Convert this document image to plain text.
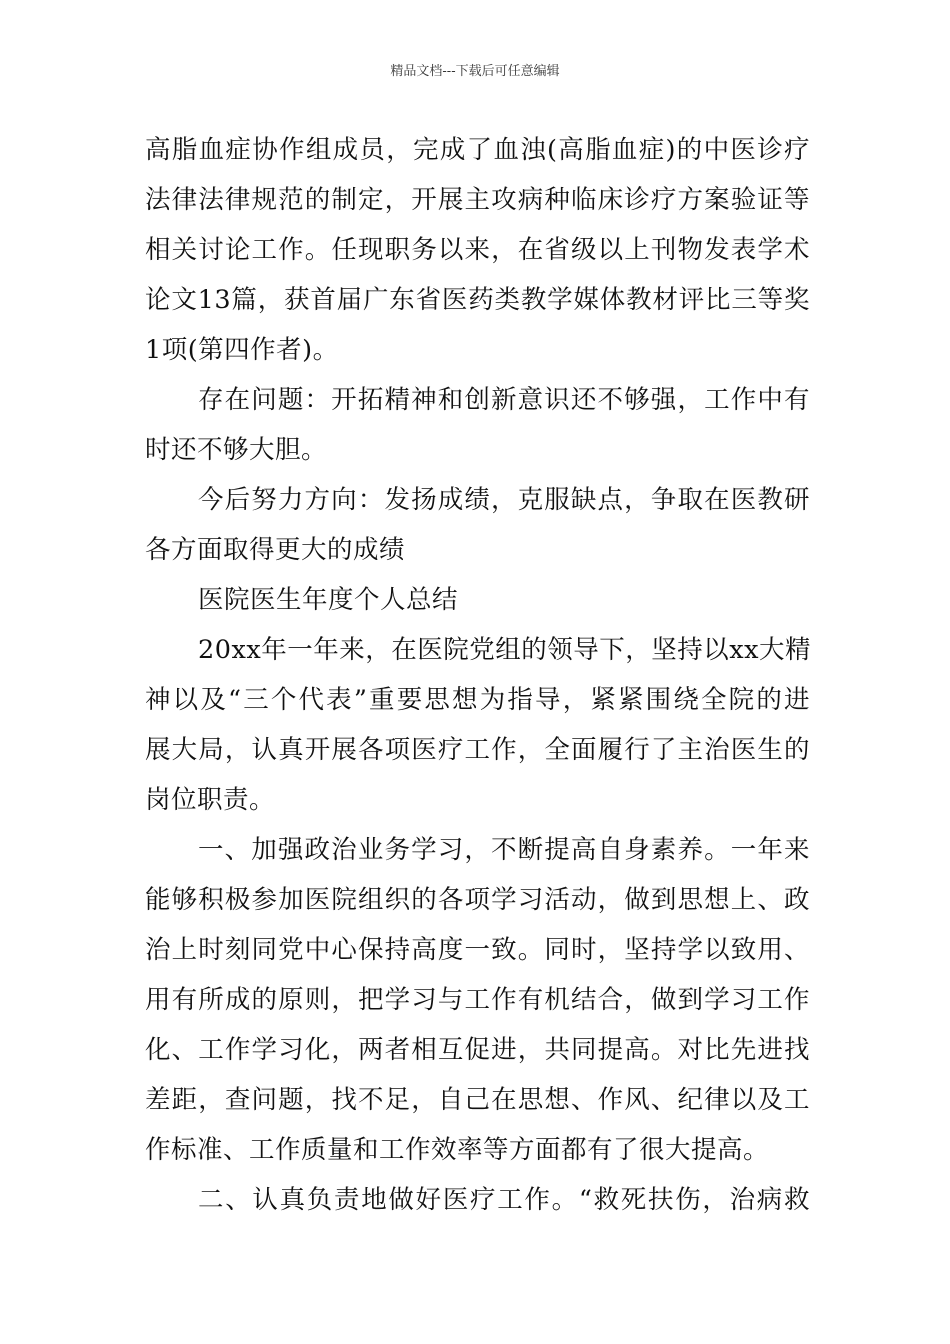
精品文档---下载后可任意编辑
高脂血症协作组成员，完成了血浊(高脂血症)的中医诊疗
法律法律规范的制定，开展主攻病种临床诊疗方案验证等
相关讨论工作。任现职务以来，在省级以上刊物发表学术
论文13篇，获首届广东省医药类教学媒体教材评比三等奖
1项(第四作者)。
存在问题：开拓精神和创新意识还不够强，工作中有
时还不够大胆。
今后努力方向：发扬成绩，克服缺点，争取在医教研
各方面取得更大的成绩
医院医生年度个人总结
20xx年一年来，在医院党组的领导下，坚持以xx大精
神以及“三个代表”重要思想为指导，紧紧围绕全院的进
展大局，认真开展各项医疗工作，全面履行了主治医生的
岗位职责。
一、加强政治业务学习，不断提高自身素养。一年来
能够积极参加医院组织的各项学习活动，做到思想上、政
治上时刻同党中心保持高度一致。同时，坚持学以致用、
用有所成的原则，把学习与工作有机结合，做到学习工作
化、工作学习化，两者相互促进，共同提高。对比先进找
差距，查问题，找不足，自己在思想、作风、纪律以及工
作标准、工作质量和工作效率等方面都有了很大提高。
二、认真负责地做好医疗工作。“救死扶伤，治病救
